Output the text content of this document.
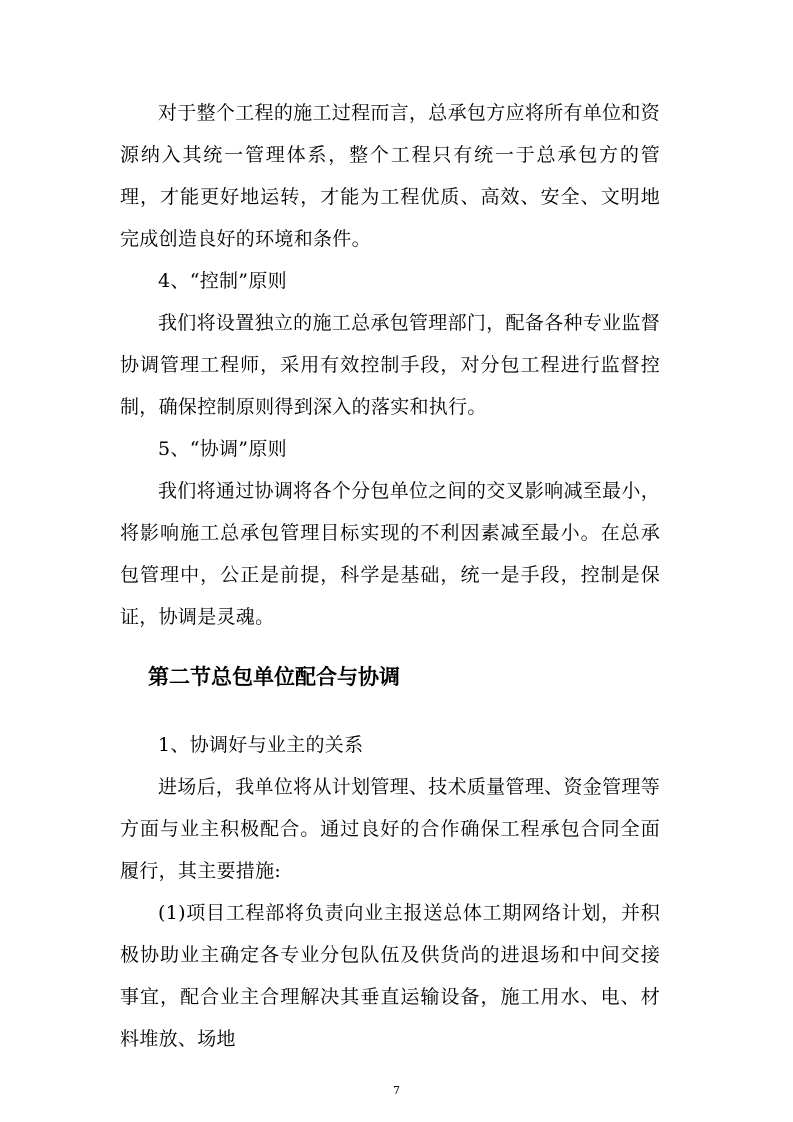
对于整个工程的施工过程而言，总承包方应将所有单位和资源纳入其统一管理体系，整个工程只有统一于总承包方的管理，才能更好地运转，才能为工程优质、高效、安全、文明地完成创造良好的环境和条件。

4、“控制”原则

我们将设置独立的施工总承包管理部门，配备各种专业监督协调管理工程师，采用有效控制手段，对分包工程进行监督控制，确保控制原则得到深入的落实和执行。

5、“协调”原则

我们将通过协调将各个分包单位之间的交叉影响减至最小，将影响施工总承包管理目标实现的不利因素减至最小。在总承包管理中，公正是前提，科学是基础，统一是手段，控制是保证，协调是灵魂。

第二节总包单位配合与协调

1、协调好与业主的关系

进场后，我单位将从计划管理、技术质量管理、资金管理等方面与业主积极配合。通过良好的合作确保工程承包合同全面履行，其主要措施:

(1)项目工程部将负责向业主报送总体工期网络计划，并积极协助业主确定各专业分包队伍及供货尚的进退场和中间交接事宜，配合业主合理解决其垂直运输设备，施工用水、电、材料堆放、场地

7
